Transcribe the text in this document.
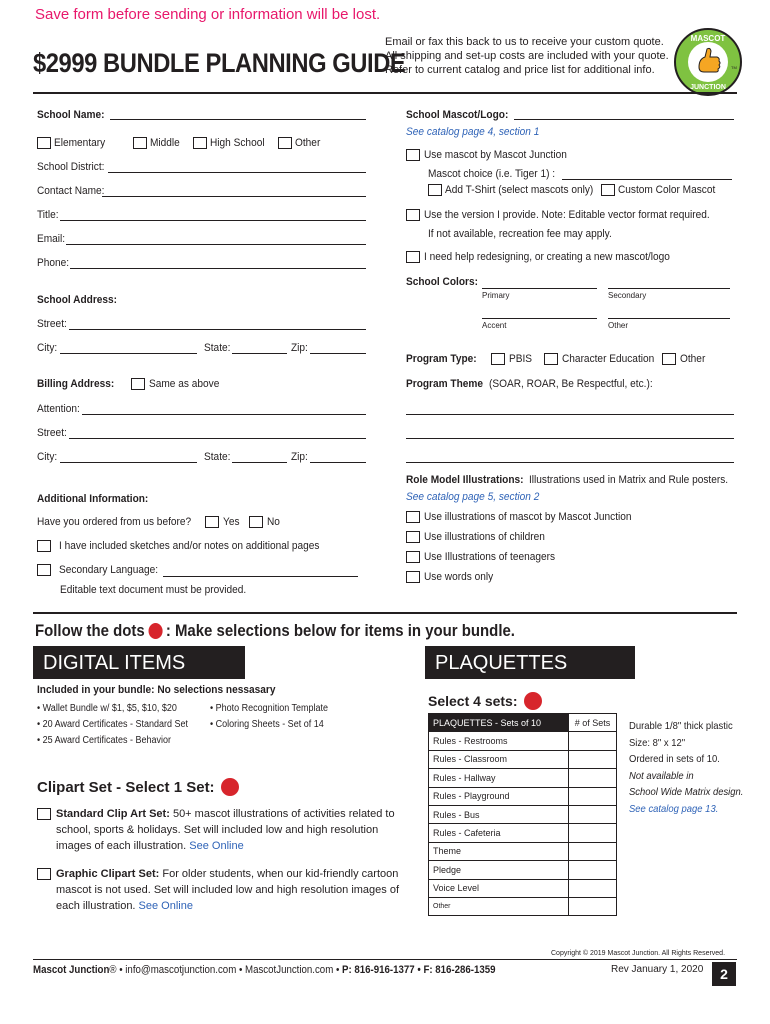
Save form before sending or information will be lost.
$2999 BUNDLE PLANNING GUIDE
Email or fax this back to us to receive your custom quote.
All shipping and set-up costs are included with your quote.
Refer to current catalog and price list for additional info.
MASCOT
JUNCTION
TM
School Name:
Elementary	Middle	High School	Other
School District:
Contact Name:
Title:
Email:
Phone:
School Address:
Street:
City:	State:	Zip:
Billing Address:	Same as above
Attention:
Street:
City:	State:	Zip:
Additional Information:
Have you ordered from us before?	Yes No
I have included sketches and/or notes on additional pages
Secondary Language:
Editable text document must be provided.
School Mascot/Logo:
See catalog page 4, section 1
Use mascot by Mascot Junction
Mascot choice (i.e. Tiger 1) :
Add T-Shirt (select mascots only) Custom Color Mascot
Use the version I provide. Note: Editable vector format required.
If not available, recreation fee may apply.
I need help redesigning, or creating a new mascot/logo
School Colors:
Primary	Secondary
Accent	Other
Program Type:	PBIS	Character Education Other
Program Theme (SOAR, ROAR, Be Respectful, etc.):
Role Model Illustrations: Illustrations used in Matrix and Rule posters.
See catalog page 5, section 2
Use illustrations of mascot by Mascot Junction
Use illustrations of children
Use Illustrations of teenagers
Use words only
Follow the dots : Make selections below for items in your bundle.
DIGITAL ITEMS
Included in your bundle: No selections nessasary
• Wallet Bundle w/ $1, $5, $10, $20
• 20 Award Certificates - Standard Set
• 25 Award Certificates - Behavior
• Photo Recognition Template
• Coloring Sheets - Set of 14
Clipart Set - Select 1 Set:
Standard Clip Art Set: 50+ mascot illustrations of activities related to school, sports & holidays. Set will included low and high resolution images of each illustration. See Online
Graphic Clipart Set: For older students, when our kid-friendly cartoon mascot is not used. Set will included low and high resolution images of each illustration. See Online
PLAQUETTES
Select 4 sets:
PLAQUETTES - Sets of 10	# of Sets
Rules - Restrooms	
Rules - Classroom	
Rules - Hallway	
Rules - Playground	
Rules - Bus	
Rules - Cafeteria	
Theme	
Pledge	
Voice Level	
Other	
Durable 1/8" thick plastic
Size: 8" x 12"
Ordered in sets of 10.
Not available in
School Wide Matrix design.
See catalog page 13.
Copyright © 2019 Mascot Junction. All Rights Reserved.
Mascot Junction® • info@mascotjunction.com • MascotJunction.com • P: 816-916-1377 • F: 816-286-1359	Rev January 1, 2020	2
